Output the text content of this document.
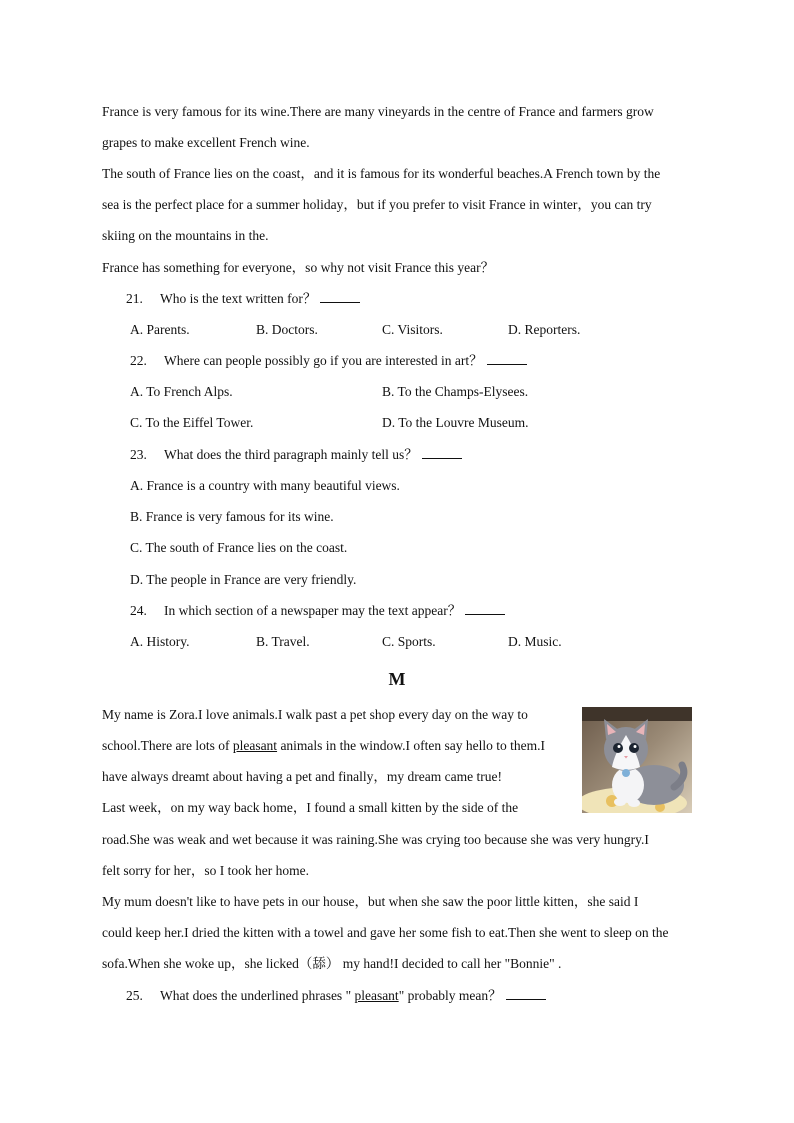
France is very famous for its wine.There are many vineyards in the centre of France and farmers grow
grapes to make excellent French wine.
The south of France lies on the coast，and it is famous for its wonderful beaches.A French town by the
sea is the perfect place for a summer holiday，but if you prefer to visit France in winter，you can try
skiing on the mountains in the.
France has something for everyone，so why not visit France this year？
21. Who is the text written for？
A. Parents.	B. Doctors.	C. Visitors.	D. Reporters.
22. Where can people possibly go if you are interested in art？
A. To French Alps.	B. To the Champs-Elysees.
C. To the Eiffel Tower.	D. To the Louvre Museum.
23. What does the third paragraph mainly tell us？
A. France is a country with many beautiful views.
B. France is very famous for its wine.
C. The south of France lies on the coast.
D. The people in France are very friendly.
24. In which section of a newspaper may the text appear？
A. History.	B. Travel.	C. Sports.	D. Music.
M
My name is Zora.I love animals.I walk past a pet shop every day on the way to
school.There are lots of pleasant animals in the window.I often say hello to them.I
have always dreamt about having a pet and finally，my dream came true!
Last week，on my way back home，I found a small kitten by the side of the
road.She was weak and wet because it was raining.She was crying too because she was very hungry.I
felt sorry for her，so I took her home.
My mum doesn't like to have pets in our house，but when she saw the poor little kitten，she said I
could keep her.I dried the kitten with a towel and gave her some fish to eat.Then she went to sleep on the
sofa.When she woke up，she licked（舔） my hand!I decided to call her "Bonnie" .
25. What does the underlined phrases " pleasant" probably mean？
